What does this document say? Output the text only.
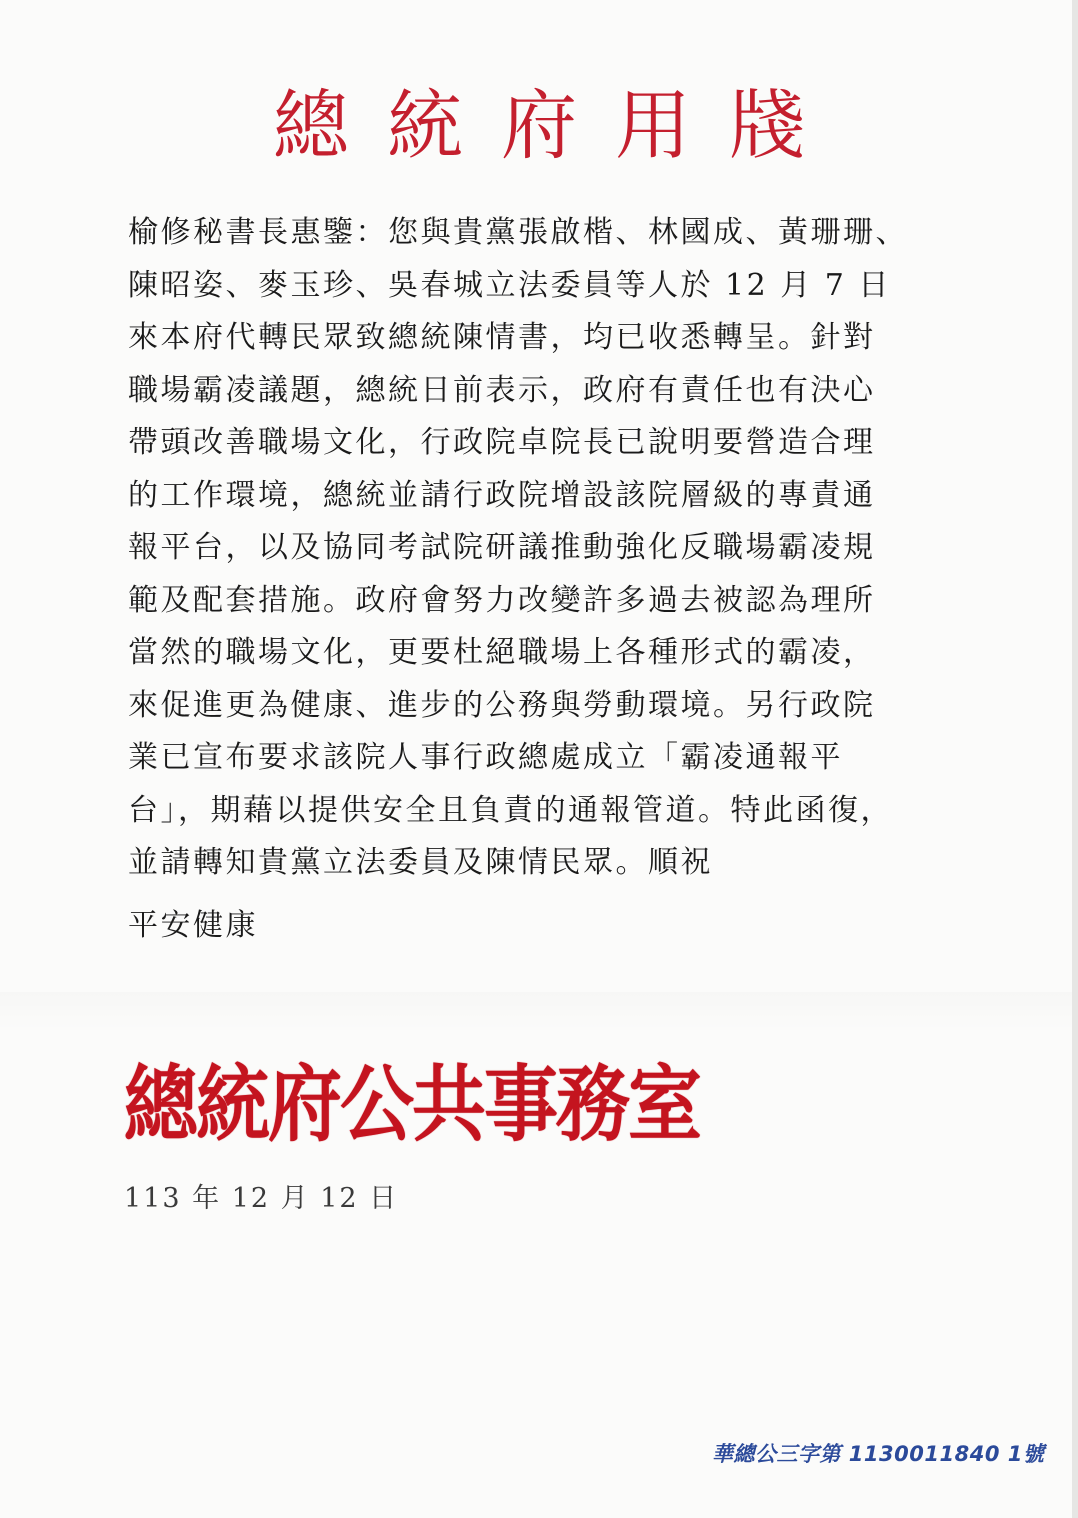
總統府用牋
榆修秘書長惠鑒：您與貴黨張啟楷、林國成、黃珊珊、
陳昭姿、麥玉珍、吳春城立法委員等人於 12 月 7 日
來本府代轉民眾致總統陳情書，均已收悉轉呈。針對
職場霸凌議題，總統日前表示，政府有責任也有決心
帶頭改善職場文化，行政院卓院長已說明要營造合理
的工作環境，總統並請行政院增設該院層級的專責通
報平台，以及協同考試院研議推動強化反職場霸凌規
範及配套措施。政府會努力改變許多過去被認為理所
當然的職場文化，更要杜絕職場上各種形式的霸凌，
來促進更為健康、進步的公務與勞動環境。另行政院
業已宣布要求該院人事行政總處成立「霸凌通報平
台」，期藉以提供安全且負責的通報管道。特此函復，
並請轉知貴黨立法委員及陳情民眾。順祝
平安健康
總統府公共事務室
113 年 12 月 12 日
華總公三字第 1130011840 1號
